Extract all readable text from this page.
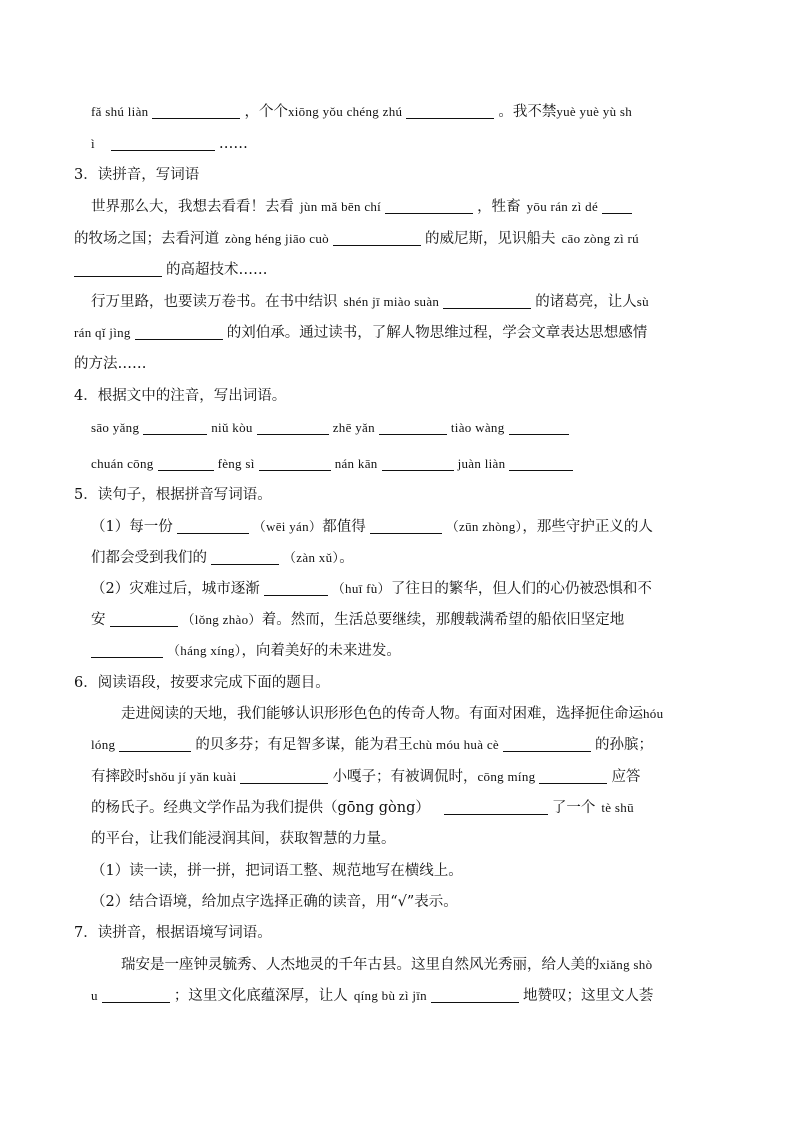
fǎ shú liàn	，个个xiōng yǒu chéng zhú	。我不禁yuè yuè yù sh
ì	……
3．读拼音，写词语
世界那么大，我想去看看！去看 jùn mǎ bēn chí	，牲畜 yōu rán zì dé
的牧场之国；去看河道 zòng héng jiāo cuò	的威尼斯，见识船夫 cāo zòng zì rú
的高超技术……
行万里路，也要读万卷书。在书中结识 shén jī miào suàn	的诸葛亮，让人sù
rán qǐ jìng	的刘伯承。通过读书，了解人物思维过程，学会文章表达思想感情
的方法……
4．根据文中的注音，写出词语。
sāo yǎng	niǔ kòu	zhē yǎn	tiào wàng
chuán cōng	fèng sì	nán kān	juàn liàn
5．读句子，根据拼音写词语。
（1）每一份	（wēi yán）都值得	（zūn zhòng），那些守护正义的人
们都会受到我们的	（zàn xǔ）。
（2）灾难过后，城市逐渐	（huī fù）了往日的繁华，但人们的心仍被恐惧和不
安	（lǒng zhào）着。然而，生活总要继续，那艘载满希望的船依旧坚定地
（háng xíng），向着美好的未来进发。
6．阅读语段，按要求完成下面的题目。
走进阅读的天地，我们能够认识形形色色的传奇人物。有面对困难，选择扼住命运hóu
lóng	的贝多芬；有足智多谋，能为君王chù móu huà cè	的孙膑；
有摔跤时shǒu jí yǎn kuài	小嘎子；有被调侃时，cōng míng	应答
的杨氏子。经典文学作品为我们提供（gōng gòng）	了一个 tè shū
的平台，让我们能浸润其间，获取智慧的力量。
（1）读一读，拼一拼，把词语工整、规范地写在横线上。
（2）结合语境，给加点字选择正确的读音，用“√”表示。
7．读拼音，根据语境写词语。
瑞安是一座钟灵毓秀、人杰地灵的千年古县。这里自然风光秀丽，给人美的xiǎng shò
u	；这里文化底蕴深厚，让人 qíng bù zì jīn	地赞叹；这里文人荟
